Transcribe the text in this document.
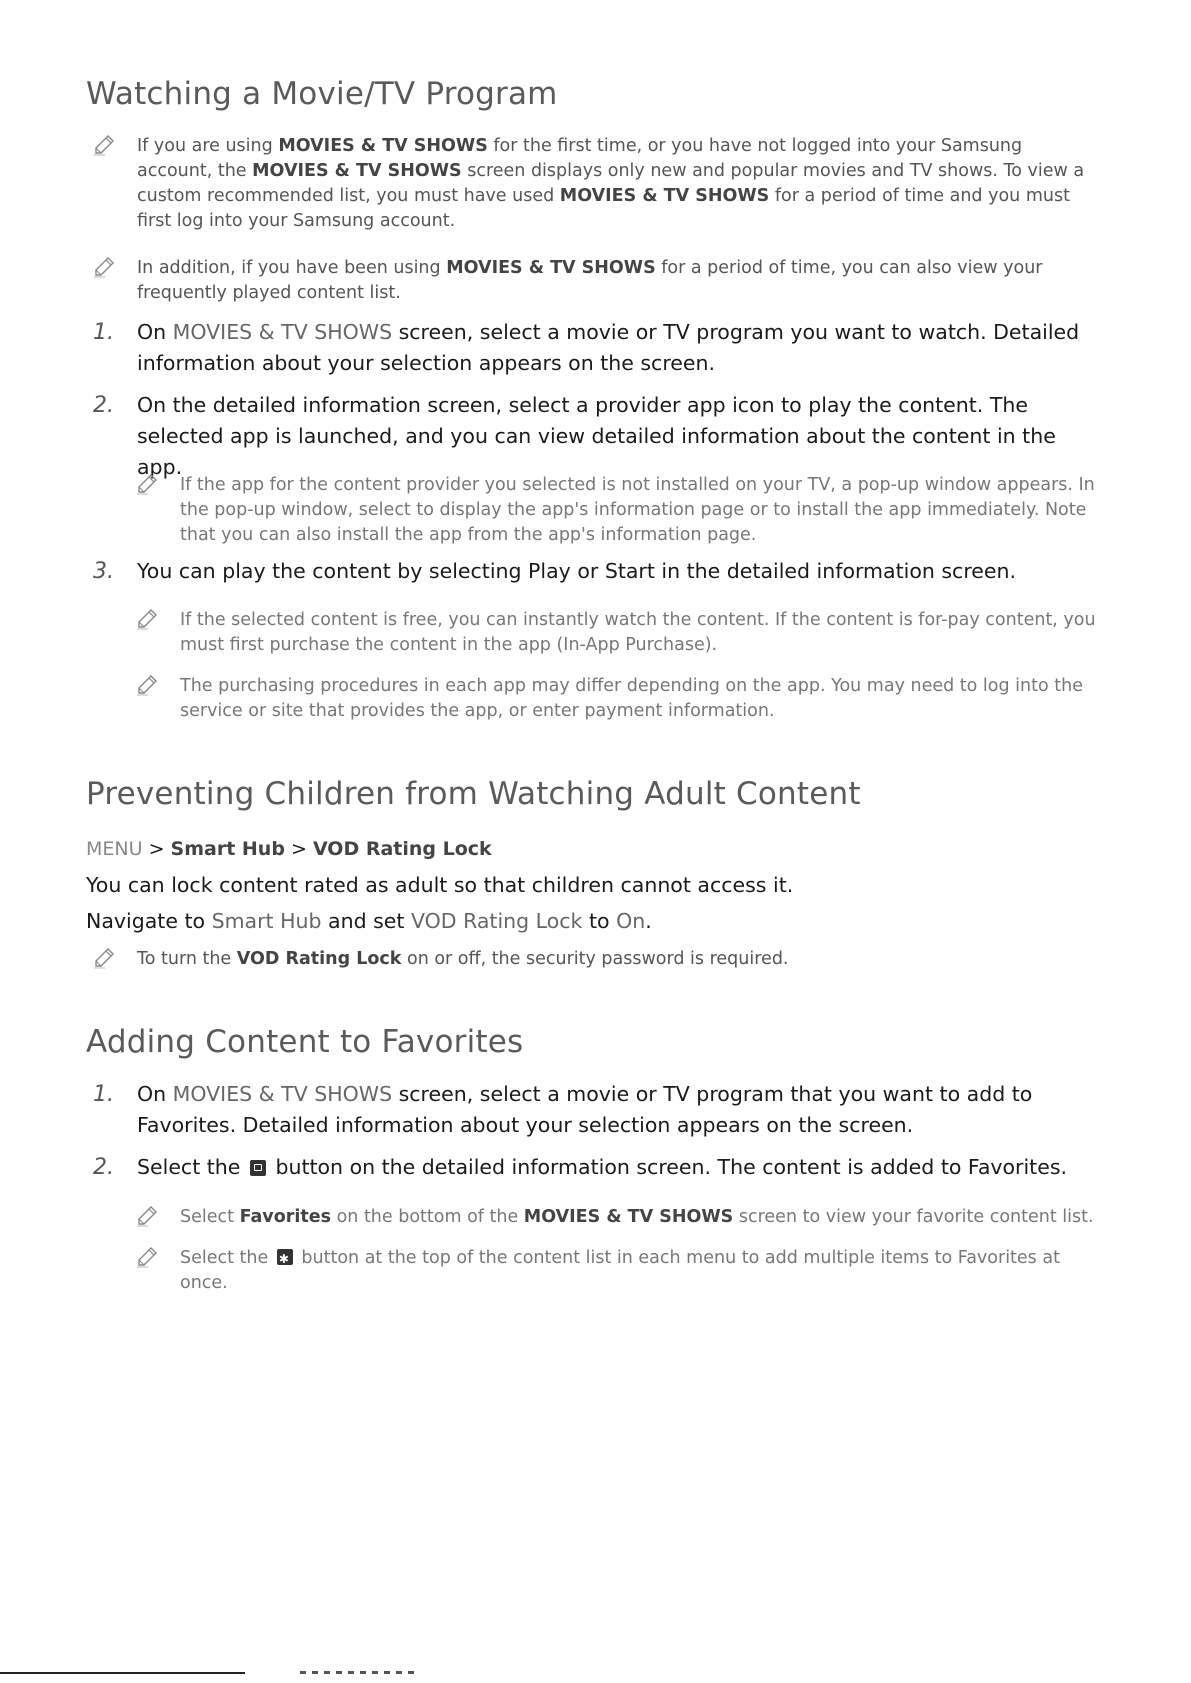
Watching a Movie/TV Program
If you are using MOVIES & TV SHOWS for the first time, or you have not logged into your Samsung account, the MOVIES & TV SHOWS screen displays only new and popular movies and TV shows. To view a custom recommended list, you must have used MOVIES & TV SHOWS for a period of time and you must first log into your Samsung account.
In addition, if you have been using MOVIES & TV SHOWS for a period of time, you can also view your frequently played content list.
1. On MOVIES & TV SHOWS screen, select a movie or TV program you want to watch. Detailed information about your selection appears on the screen.
2. On the detailed information screen, select a provider app icon to play the content. The selected app is launched, and you can view detailed information about the content in the app.
If the app for the content provider you selected is not installed on your TV, a pop-up window appears. In the pop-up window, select to display the app's information page or to install the app immediately. Note that you can also install the app from the app's information page.
3. You can play the content by selecting Play or Start in the detailed information screen.
If the selected content is free, you can instantly watch the content. If the content is for-pay content, you must first purchase the content in the app (In-App Purchase).
The purchasing procedures in each app may differ depending on the app. You may need to log into the service or site that provides the app, or enter payment information.
Preventing Children from Watching Adult Content
MENU > Smart Hub > VOD Rating Lock
You can lock content rated as adult so that children cannot access it.
Navigate to Smart Hub and set VOD Rating Lock to On.
To turn the VOD Rating Lock on or off, the security password is required.
Adding Content to Favorites
1. On MOVIES & TV SHOWS screen, select a movie or TV program that you want to add to Favorites. Detailed information about your selection appears on the screen.
2. Select the  button on the detailed information screen. The content is added to Favorites.
Select Favorites on the bottom of the MOVIES & TV SHOWS screen to view your favorite content list.
Select the ✱ button at the top of the content list in each menu to add multiple items to Favorites at once.
